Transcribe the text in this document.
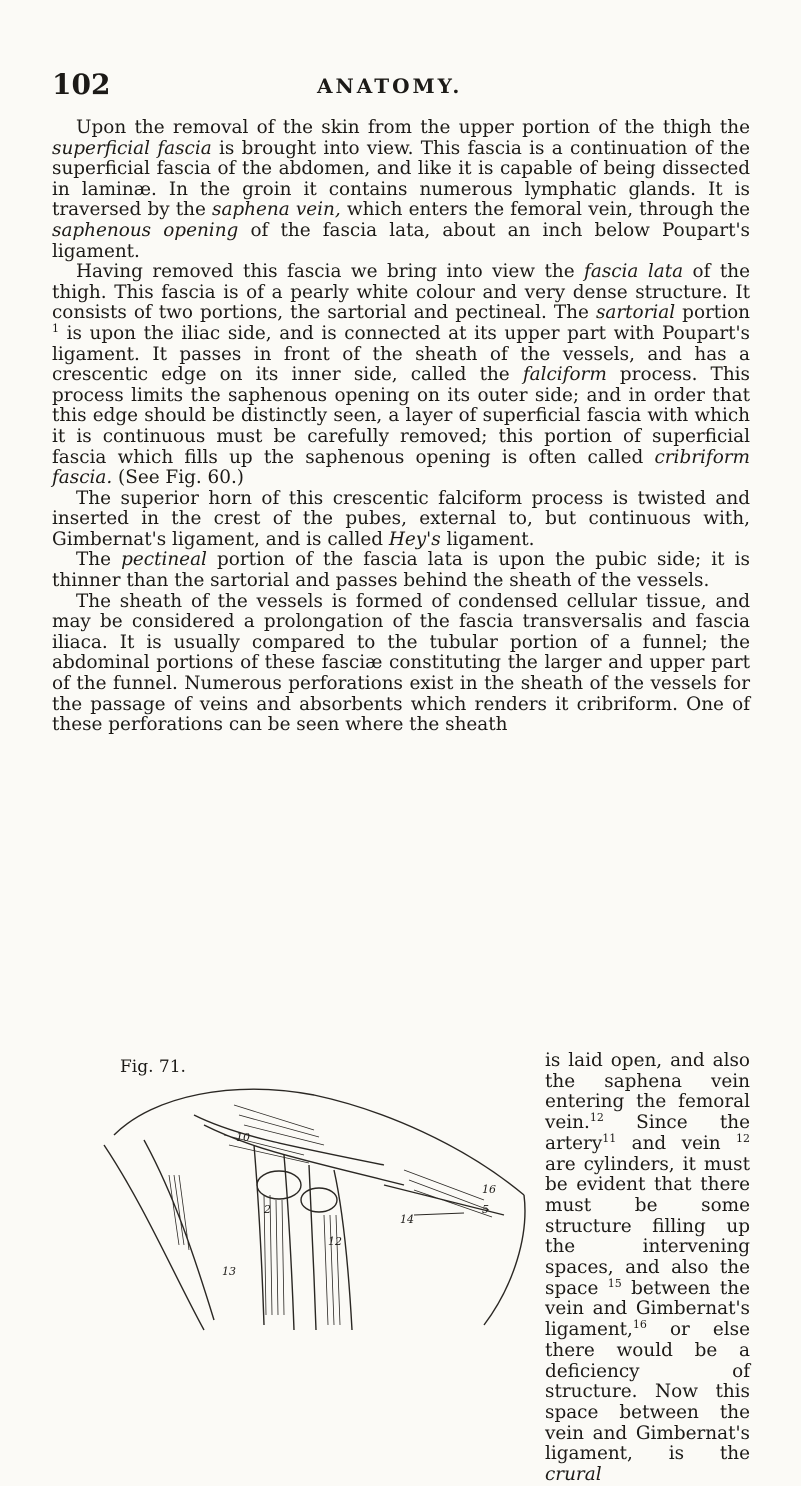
102	ANATOMY.

Upon the removal of the skin from the upper portion of the thigh the superficial fascia is brought into view. This fascia is a continuation of the superficial fascia of the abdomen, and like it is capable of being dissected in laminæ. In the groin it contains numerous lymphatic glands. It is traversed by the saphena vein, which enters the femoral vein, through the saphenous opening of the fascia lata, about an inch below Poupart's ligament.

Having removed this fascia we bring into view the fascia lata of the thigh. This fascia is of a pearly white colour and very dense structure. It consists of two portions, the sartorial and pectineal. The sartorial portion $^1$ is upon the iliac side, and is connected at its upper part with Poupart's ligament. It passes in front of the sheath of the vessels, and has a crescentic edge on its inner side, called the falciform process. This process limits the saphenous opening on its outer side; and in order that this edge should be distinctly seen, a layer of superficial fascia with which it is continuous must be carefully removed; this portion of superficial fascia which fills up the saphenous opening is often called cribriform fascia. (See Fig. 60.)

The superior horn of this crescentic falciform process is twisted and inserted in the crest of the pubes, external to, but continuous with, Gimbernat's ligament, and is called Hey's ligament.

The pectineal portion of the fascia lata is upon the pubic side; it is thinner than the sartorial and passes behind the sheath of the vessels.

The sheath of the vessels is formed of condensed cellular tissue, and may be considered a prolongation of the fascia transversalis and fascia iliaca. It is usually compared to the tubular portion of a funnel; the abdominal portions of these fasciæ constituting the larger and upper part of the funnel. Numerous perforations exist in the sheath of the vessels for the passage of veins and absorbents which renders it cribriform. One of these perforations can be seen where the sheath

Fig. 71.	is laid open, and also the saphena vein entering the femoral vein.$^{12}$ Since the artery$^{11}$ and vein $^{12}$ are cylinders, it must be evident that there must be some structure filling up the intervening spaces, and also the space $^{15}$ between the vein and Gimbernat's ligament,$^{16}$ or else there would be a deficiency of structure. Now this space between the vein and Gimbernat's ligament, is the crural

10
16
5
2
14
12
13
